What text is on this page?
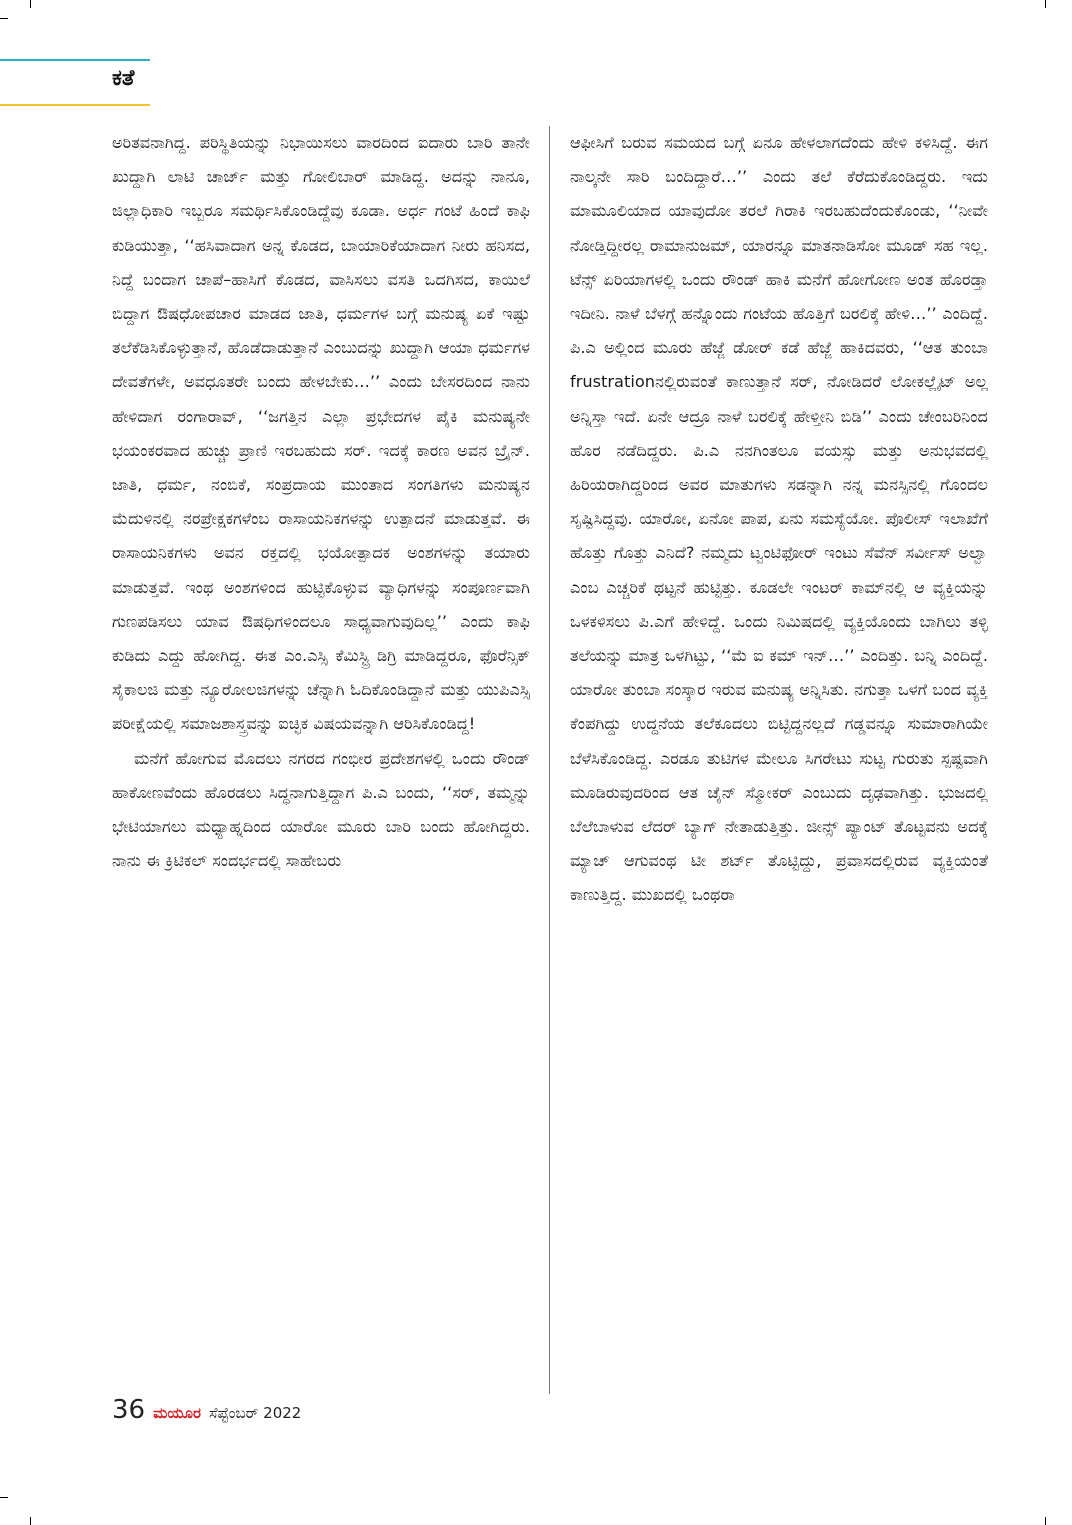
ಕತೆ

ಅರಿತವನಾಗಿದ್ದ. ಪರಿಸ್ಥಿತಿಯನ್ನು ನಿಭಾಯಿಸಲು ವಾರದಿಂದ ಐದಾರು ಬಾರಿ ತಾನೇ ಖುದ್ದಾಗಿ ಲಾಟಿ ಚಾರ್ಜ್ ಮತ್ತು ಗೋಲಿಬಾರ್ ಮಾಡಿದ್ದ. ಅದನ್ನು ನಾನೂ, ಜಿಲ್ಲಾಧಿಕಾರಿ ಇಬ್ಬರೂ ಸಮರ್ಥಿಸಿಕೊಂಡಿದ್ದೆವು ಕೂಡಾ. ಅರ್ಧ ಗಂಟೆ ಹಿಂದೆ ಕಾಫಿ ಕುಡಿಯುತ್ತಾ, ‘‘ಹಸಿವಾದಾಗ ಅನ್ನ ಕೊಡದ, ಬಾಯಾರಿಕೆಯಾದಾಗ ನೀರು ಹನಿಸದ, ನಿದ್ದೆ ಬಂದಾಗ ಚಾಪೆ–ಹಾಸಿಗೆ ಕೊಡದ, ವಾಸಿಸಲು ವಸತಿ ಒದಗಿಸದ, ಕಾಯಿಲೆ ಬಿದ್ದಾಗ ಔಷಧೋಪಚಾರ ಮಾಡದ ಜಾತಿ, ಧರ್ಮಗಳ ಬಗ್ಗೆ ಮನುಷ್ಯ ಏಕೆ ಇಷ್ಟು ತಲೆಕೆಡಿಸಿಕೊಳ್ಳುತ್ತಾನೆ, ಹೊಡೆದಾಡುತ್ತಾನೆ ಎಂಬುದನ್ನು ಖುದ್ದಾಗಿ ಆಯಾ ಧರ್ಮಗಳ ದೇವತೆಗಳೇ, ಅವಧೂತರೇ ಬಂದು ಹೇಳಬೇಕು…’’ ಎಂದು ಬೇಸರದಿಂದ ನಾನು ಹೇಳಿದಾಗ ರಂಗಾರಾವ್, ‘‘ಜಗತ್ತಿನ ಎಲ್ಲಾ ಪ್ರಭೇದಗಳ ಪೈಕಿ ಮನುಷ್ಯನೇ ಭಯಂಕರವಾದ ಹುಚ್ಚು ಪ್ರಾಣಿ ಇರಬಹುದು ಸರ್. ಇದಕ್ಕೆ ಕಾರಣ ಅವನ ಬ್ರೈನ್. ಜಾತಿ, ಧರ್ಮ, ನಂಬಿಕೆ, ಸಂಪ್ರದಾಯ ಮುಂತಾದ ಸಂಗತಿಗಳು ಮನುಷ್ಯನ ಮೆದುಳಿನಲ್ಲಿ ನರಪ್ರೇಕ್ಷಕಗಳೆಂಬ ರಾಸಾಯನಿಕಗಳನ್ನು ಉತ್ಪಾದನೆ ಮಾಡುತ್ತವೆ. ಈ ರಾಸಾಯನಿಕಗಳು ಅವನ ರಕ್ತದಲ್ಲಿ ಭಯೋತ್ಪಾದಕ ಅಂಶಗಳನ್ನು ತಯಾರು ಮಾಡುತ್ತವೆ. ಇಂಥ ಅಂಶಗಳಿಂದ ಹುಟ್ಟಿಕೊಳ್ಳುವ ವ್ಯಾಧಿಗಳನ್ನು ಸಂಪೂರ್ಣವಾಗಿ ಗುಣಪಡಿಸಲು ಯಾವ ಔಷಧಿಗಳಿಂದಲೂ ಸಾಧ್ಯವಾಗುವುದಿಲ್ಲ’’ ಎಂದು ಕಾಫಿ ಕುಡಿದು ಎದ್ದು ಹೋಗಿದ್ದ. ಈತ ಎಂ.ಎಸ್ಸಿ ಕೆಮಿಸ್ಟ್ರಿ ಡಿಗ್ರಿ ಮಾಡಿದ್ದರೂ, ಫೊರೆನ್ಸಿಕ್ ಸೈಕಾಲಜಿ ಮತ್ತು ನ್ಯೂರೋಲಜಿಗಳನ್ನು ಚೆನ್ನಾಗಿ ಓದಿಕೊಂಡಿದ್ದಾನೆ ಮತ್ತು ಯುಪಿಎಸ್ಸಿ ಪರೀಕ್ಷೆಯಲ್ಲಿ ಸಮಾಜಶಾಸ್ತ್ರವನ್ನು ಐಚ್ಛಿಕ ವಿಷಯವನ್ನಾಗಿ ಆರಿಸಿಕೊಂಡಿದ್ದ!

ಮನೆಗೆ ಹೋಗುವ ಮೊದಲು ನಗರದ ಗಂಭೀರ ಪ್ರದೇಶಗಳಲ್ಲಿ ಒಂದು ರೌಂಡ್ ಹಾಕೋಣವೆಂದು ಹೊರಡಲು ಸಿದ್ಧನಾಗುತ್ತಿದ್ದಾಗ ಪಿ.ಎ ಬಂದು, ‘‘ಸರ್, ತಮ್ಮನ್ನು ಭೇಟಿಯಾಗಲು ಮಧ್ಯಾಹ್ನದಿಂದ ಯಾರೋ ಮೂರು ಬಾರಿ ಬಂದು ಹೋಗಿದ್ದರು. ನಾನು ಈ ಕ್ರಿಟಿಕಲ್ ಸಂದರ್ಭದಲ್ಲಿ ಸಾಹೇಬರು

ಆಫೀಸಿಗೆ ಬರುವ ಸಮಯದ ಬಗ್ಗೆ ಏನೂ ಹೇಳಲಾಗದೆಂದು ಹೇಳಿ ಕಳಿಸಿದ್ದೆ. ಈಗ ನಾಲ್ಕನೇ ಸಾರಿ ಬಂದಿದ್ದಾರೆ…’’ ಎಂದು ತಲೆ ಕೆರೆದುಕೊಂಡಿದ್ದರು. ಇದು ಮಾಮೂಲಿಯಾದ ಯಾವುದೋ ತರಲೆ ಗಿರಾಕಿ ಇರಬಹುದೆಂದುಕೊಂಡು, ‘‘ನೀವೇ ನೋಡ್ತಿದ್ದೀರಲ್ಲ ರಾಮಾನುಜಮ್, ಯಾರನ್ನೂ ಮಾತನಾಡಿಸೋ ಮೂಡ್ ಸಹ ಇಲ್ಲ. ಟೆನ್ಸ್ ಏರಿಯಾಗಳಲ್ಲಿ ಒಂದು ರೌಂಡ್ ಹಾಕಿ ಮನೆಗೆ ಹೋಗೋಣ ಅಂತ ಹೊರಡ್ತಾ ಇದೀನಿ. ನಾಳೆ ಬೆಳಗ್ಗೆ ಹನ್ನೊಂದು ಗಂಟೆಯ ಹೊತ್ತಿಗೆ ಬರಲಿಕ್ಕೆ ಹೇಳಿ…’’ ಎಂದಿದ್ದೆ. ಪಿ.ಎ ಅಲ್ಲಿಂದ ಮೂರು ಹೆಜ್ಜೆ ಡೋರ್ ಕಡೆ ಹೆಜ್ಜೆ ಹಾಕಿದವರು, ‘‘ಆತ ತುಂಬಾ frustrationನಲ್ಲಿರುವಂತೆ ಕಾಣುತ್ತಾನೆ ಸರ್, ನೋಡಿದರೆ ಲೋಕಲ್ಲೈಟ್ ಅಲ್ಲ ಅನ್ನಿಸ್ತಾ ಇದೆ. ಏನೇ ಆದ್ರೂ ನಾಳೆ ಬರಲಿಕ್ಕೆ ಹೇಳ್ತೀನಿ ಬಿಡಿ’’ ಎಂದು ಚೇಂಬರಿನಿಂದ ಹೊರ ನಡೆದಿದ್ದರು. ಪಿ.ಎ ನನಗಿಂತಲೂ ವಯಸ್ಸು ಮತ್ತು ಅನುಭವದಲ್ಲಿ ಹಿರಿಯರಾಗಿದ್ದರಿಂದ ಅವರ ಮಾತುಗಳು ಸಡನ್ನಾಗಿ ನನ್ನ ಮನಸ್ಸಿನಲ್ಲಿ ಗೊಂದಲ ಸೃಷ್ಟಿಸಿದ್ದವು. ಯಾರೋ, ಏನೋ ಪಾಪ, ಏನು ಸಮಸ್ಯೆಯೋ. ಪೊಲೀಸ್ ಇಲಾಖೆಗೆ ಹೊತ್ತು ಗೊತ್ತು ಎನಿದೆ? ನಮ್ಮದು ಟ್ವಂಟಿಫೋರ್ ಇಂಟು ಸೆವೆನ್ ಸರ್ವೀಸ್ ಅಲ್ವಾ ಎಂಬ ಎಚ್ಚರಿಕೆ ಥಟ್ಟನೆ ಹುಟ್ಟಿತ್ತು. ಕೂಡಲೇ ಇಂಟರ್ ಕಾಮ್‌ನಲ್ಲಿ ಆ ವ್ಯಕ್ತಿಯನ್ನು ಒಳಕಳಿಸಲು ಪಿ.ಎಗೆ ಹೇಳಿದ್ದೆ. ಒಂದು ನಿಮಿಷದಲ್ಲಿ ವ್ಯಕ್ತಿಯೊಂದು ಬಾಗಿಲು ತಳ್ಳಿ ತಲೆಯನ್ನು ಮಾತ್ರ ಒಳಗಿಟ್ಟು, ‘‘ಮೆ ಐ ಕಮ್ ಇನ್…’’ ಎಂದಿತ್ತು. ಬನ್ನಿ ಎಂದಿದ್ದೆ. ಯಾರೋ ತುಂಬಾ ಸಂಸ್ಕಾರ ಇರುವ ಮನುಷ್ಯ ಅನ್ನಿಸಿತು. ನಗುತ್ತಾ ಒಳಗೆ ಬಂದ ವ್ಯಕ್ತಿ ಕೆಂಪಗಿದ್ದು ಉದ್ದನೆಯ ತಲೆಕೂದಲು ಬಿಟ್ಟಿದ್ದನಲ್ಲದೆ ಗಡ್ಡವನ್ನೂ ಸುಮಾರಾಗಿಯೇ ಬೆಳೆಸಿಕೊಂಡಿದ್ದ. ಎರಡೂ ತುಟಿಗಳ ಮೇಲೂ ಸಿಗರೇಟು ಸುಟ್ಟ ಗುರುತು ಸ್ಪಷ್ಟವಾಗಿ ಮೂಡಿರುವುದರಿಂದ ಆತ ಚೈನ್ ಸ್ಮೋಕರ್ ಎಂಬುದು ದೃಢವಾಗಿತ್ತು. ಭುಜದಲ್ಲಿ ಬೆಲೆಬಾಳುವ ಲೆದರ್ ಬ್ಯಾಗ್ ನೇತಾಡುತ್ತಿತ್ತು. ಜೀನ್ಸ್ ಪ್ಯಾಂಟ್ ತೊಟ್ಟವನು ಅದಕ್ಕೆ ಮ್ಯಾಚ್ ಆಗುವಂಥ ಟೀ ಶರ್ಟ್ ತೊಟ್ಟಿದ್ದು, ಪ್ರವಾಸದಲ್ಲಿರುವ ವ್ಯಕ್ತಿಯಂತೆ ಕಾಣುತ್ತಿದ್ದ. ಮುಖದಲ್ಲಿ ಒಂಥರಾ

36 ಮಯೂರ ಸೆಪ್ಟೆಂಬರ್ 2022
